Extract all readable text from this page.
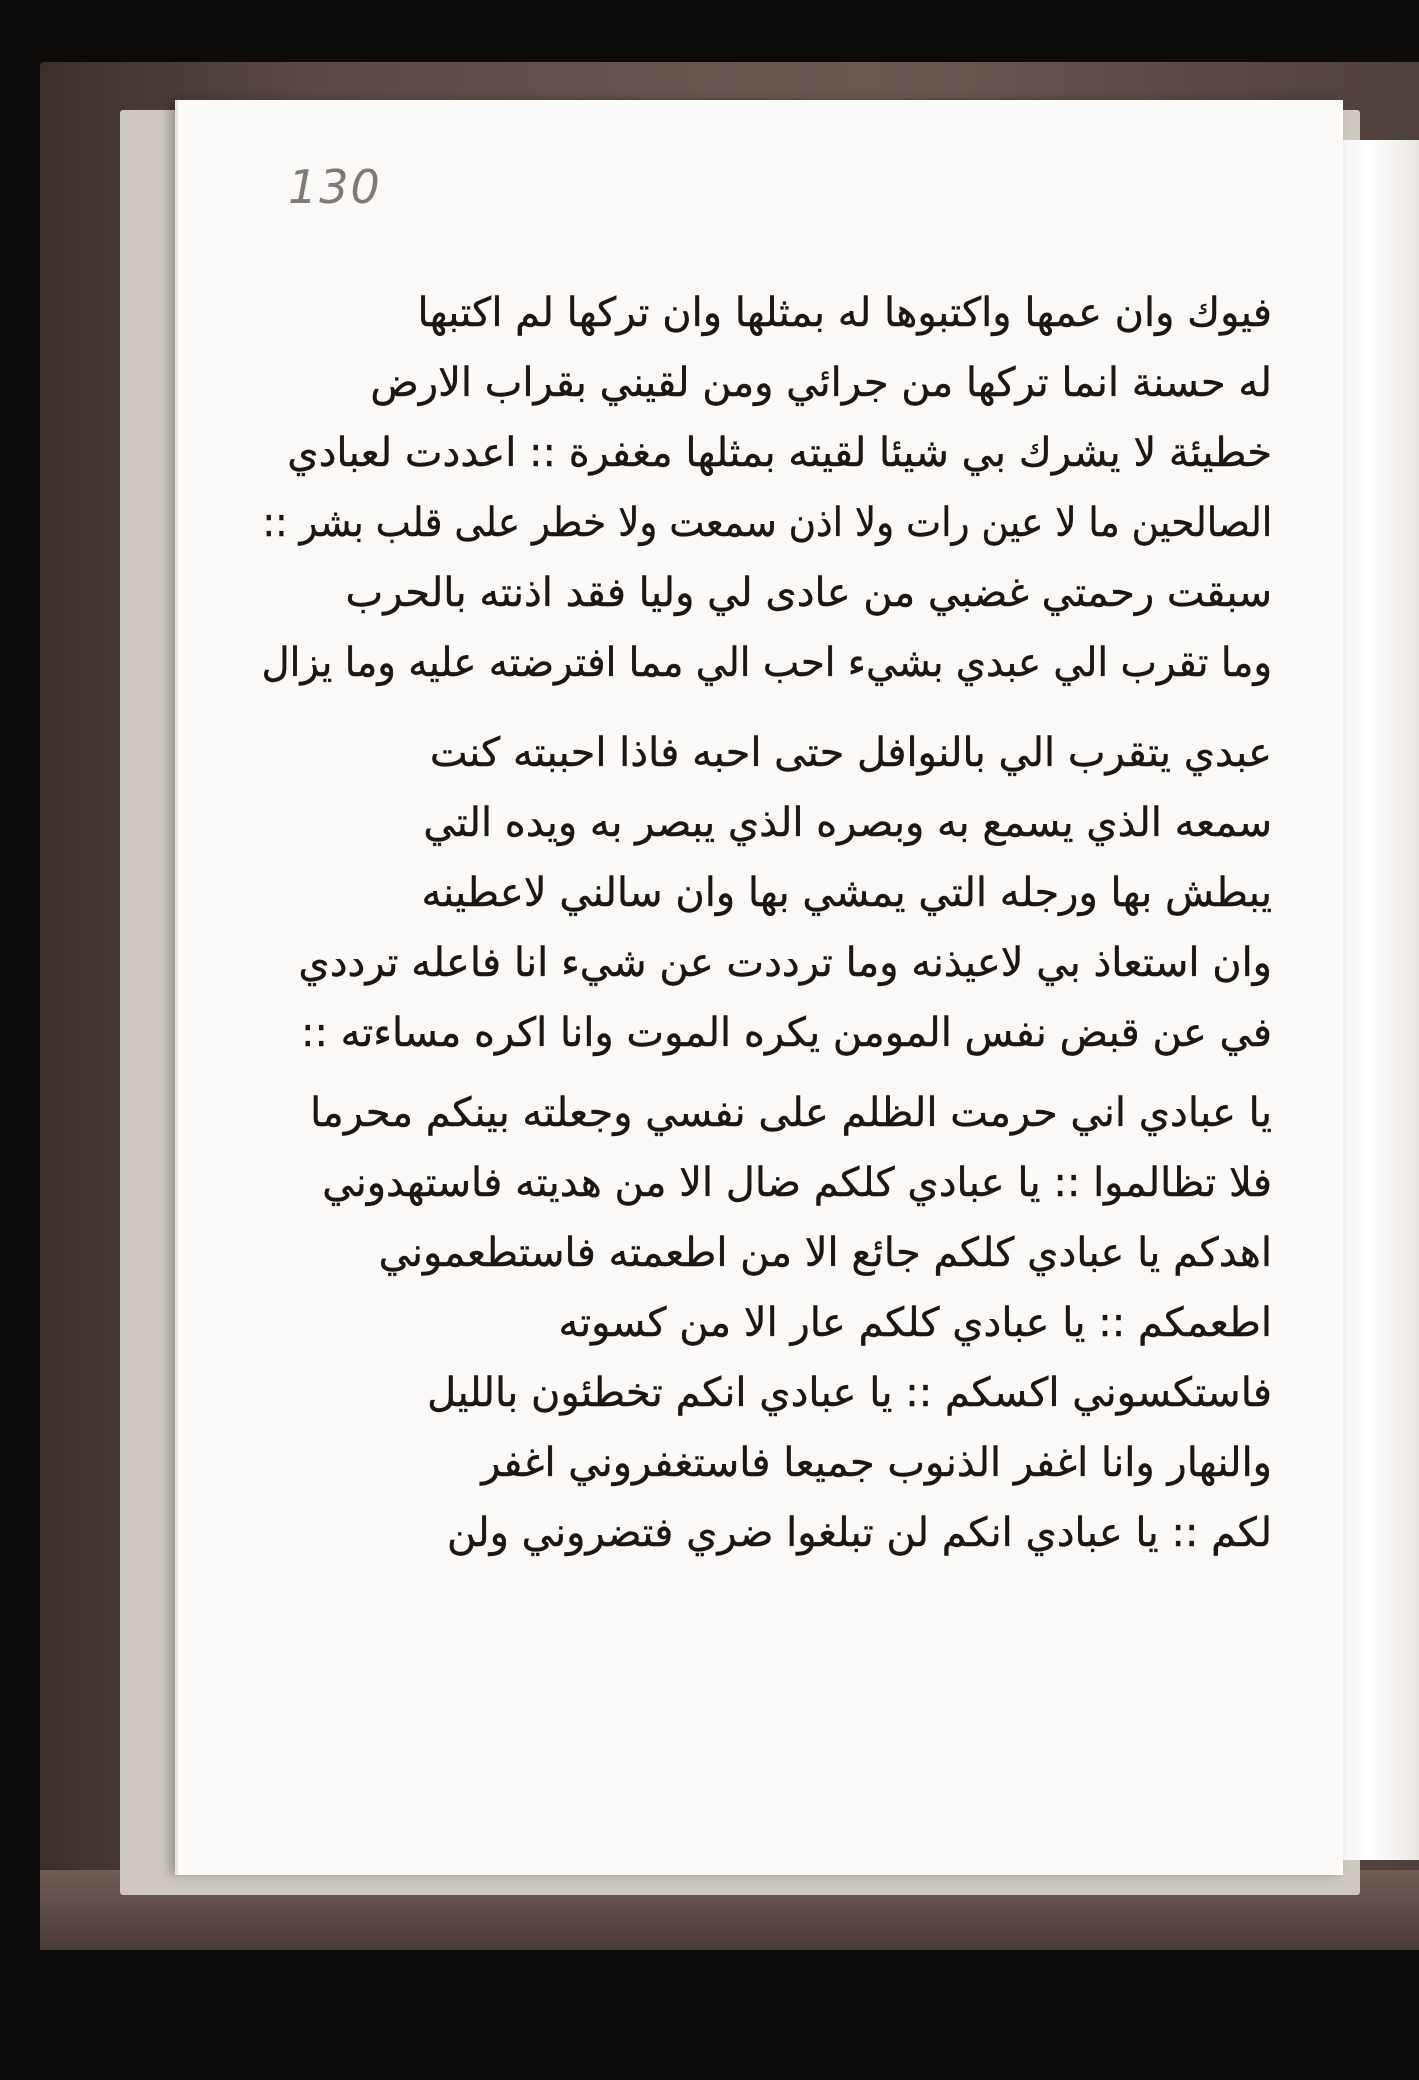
130
فيوك وان عمها واكتبوها له بمثلها وان تركها لم اكتبها
له حسنة انما تركها من جرائي ومن لقيني بقراب الارض
خطيئة لا يشرك بي شيئا لقيته بمثلها مغفرة :: اعددت لعبادي
الصالحين ما لا عين رات ولا اذن سمعت ولا خطر على قلب بشر ::
سبقت رحمتي غضبي من عادى لي وليا فقد اذنته بالحرب
وما تقرب الي عبدي بشيء احب الي مما افترضته عليه وما يزال
عبدي يتقرب الي بالنوافل حتى احبه فاذا احببته كنت
سمعه الذي يسمع به وبصره الذي يبصر به ويده التي
يبطش بها ورجله التي يمشي بها وان سالني لاعطينه
وان استعاذ بي لاعيذنه وما ترددت عن شيء انا فاعله ترددي
في عن قبض نفس المومن يكره الموت وانا اكره مساءته ::
يا عبادي اني حرمت الظلم على نفسي وجعلته بينكم محرما
فلا تظالموا :: يا عبادي كلكم ضال الا من هديته فاستهدوني
اهدكم يا عبادي كلكم جائع الا من اطعمته فاستطعموني
اطعمكم :: يا عبادي كلكم عار الا من كسوته
فاستكسوني اكسكم :: يا عبادي انكم تخطئون بالليل
والنهار وانا اغفر الذنوب جميعا فاستغفروني اغفر
لكم :: يا عبادي انكم لن تبلغوا ضري فتضروني ولن
